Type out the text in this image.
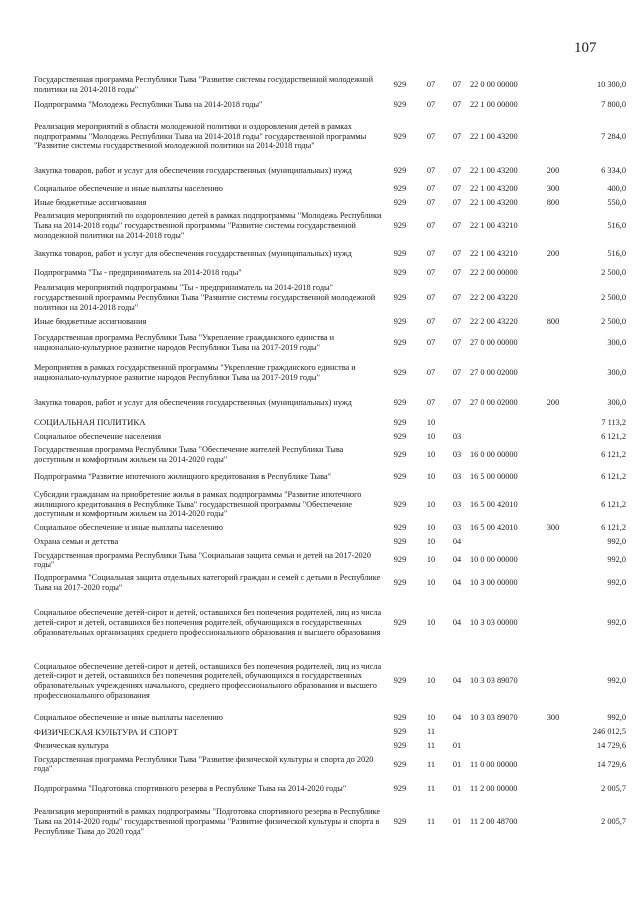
107
Государственная программа Республики Тыва "Развитие системы государственной молодежной политики на 2014-2018 годы"	929	07	07	22 0 00 00000		10 300,0
Подпрограмма "Молодежь Республики Тыва на 2014-2018 годы"	929	07	07	22 1 00 00000		7 800,0
Реализация мероприятий в области молодежной политики и оздоровления детей в рамках подпрограммы "Молодежь Республики Тыва на 2014-2018 годы" государственной программы "Развитие системы государственной молодежной политики на 2014-2018 годы"	929	07	07	22 1 00 43200		7 284,0
Закупка товаров, работ и услуг для обеспечения государственных (муниципальных) нужд	929	07	07	22 1 00 43200	200	6 334,0
Социальное обеспечение и иные выплаты населению	929	07	07	22 1 00 43200	300	400,0
Иные бюджетные ассигнования	929	07	07	22 1 00 43200	800	550,0
Реализация мероприятий по оздоровлению детей в рамках подпрограммы "Молодежь Республики Тыва на 2014-2018 годы" государственной программы "Развитие системы государственной молодежной политики на 2014-2018 годы"	929	07	07	22 1 00 43210		516,0
Закупка товаров, работ и услуг для обеспечения государственных (муниципальных) нужд	929	07	07	22 1 00 43210	200	516,0
Подпрограмма "Ты - предприниматель на 2014-2018 годы"	929	07	07	22 2 00 00000		2 500,0
Реализация мероприятий подпрограммы "Ты - предприниматель на 2014-2018 годы" государственной программы Республики Тыва "Развитие системы государственной молодежной политики на 2014-2018 годы"	929	07	07	22 2 00 43220		2 500,0
Иные бюджетные ассигнования	929	07	07	22 2 00 43220	800	2 500,0
Государственная программа Республики Тыва "Укрепление гражданского единства и национально-культурное развитие народов Республики Тыва на 2017-2019 годы"	929	07	07	27 0 00 00000		300,0
Мероприятия в рамках государственной программы "Укрепление гражданского единства и национально-культурное развитие народов Республики Тыва на 2017-2019 годы"	929	07	07	27 0 00 02000		300,0
Закупка товаров, работ и услуг для обеспечения государственных (муниципальных) нужд	929	07	07	27 0 00 02000	200	300,0
СОЦИАЛЬНАЯ ПОЛИТИКА	929	10				7 113,2
Социальное обеспечение населения	929	10	03			6 121,2
Государственная программа Республики Тыва "Обеспечение жителей Республики Тыва доступным и комфортным жильем на 2014-2020 годы"	929	10	03	16 0 00 00000		6 121,2
Подпрограмма "Развитие ипотечного жилищного кредитования в Республике Тыва"	929	10	03	16 5 00 00000		6 121,2
Субсидии гражданам на приобретение жилья в рамках подпрограммы "Развитие ипотечного жилищного кредитования в Республике Тыва" государственной программы "Обеспечение доступным и комфортным жильем на 2014-2020 годы"	929	10	03	16 5 00 42010		6 121,2
Социальное обеспечение и иные выплаты населению	929	10	03	16 5 00 42010	300	6 121,2
Охрана семьи и детства	929	10	04			992,0
Государственная программа Республики Тыва "Социальная защита семьи и детей на 2017-2020 годы"	929	10	04	10 0 00 00000		992,0
Подпрограмма "Социальная защита отдельных категорий граждан и семей с детьми в Республике Тыва на 2017-2020 годы"	929	10	04	10 3 00 00000		992,0
Социальное обеспечение детей-сирот и детей, оставшихся без попечения родителей, лиц из числа детей-сирот и детей, оставшихся без попечения родителей, обучающихся в государственных образовательных организациях среднего профессионального образования и высшего образования	929	10	04	10 3 03 00000		992,0
Социальное обеспечение детей-сирот и детей, оставшихся без попечения родителей, лиц из числа детей-сирот и детей, оставшихся без попечения родителей, обучающихся в государственных образовательных учреждениях начального, среднего профессионального образования и высшего профессионального образования	929	10	04	10 3 03 89070		992,0
Социальное обеспечение и иные выплаты населению	929	10	04	10 3 03 89070	300	992,0
ФИЗИЧЕСКАЯ КУЛЬТУРА И СПОРТ	929	11				246 012,5
Физическая культура	929	11	01			14 729,6
Государственная программа Республики Тыва "Развитие физической культуры и спорта до 2020 года"	929	11	01	11 0 00 00000		14 729,6
Подпрограмма "Подготовка спортивного резерва в Республике Тыва на 2014-2020 годы"	929	11	01	11 2 00 00000		2 005,7
Реализация мероприятий в рамках подпрограммы "Подготовка спортивного резерва в Республике Тыва на 2014-2020 годы" государственной программы "Развитие физической культуры и спорта в Республике Тыва до 2020 года"	929	11	01	11 2 00 48700		2 005,7
